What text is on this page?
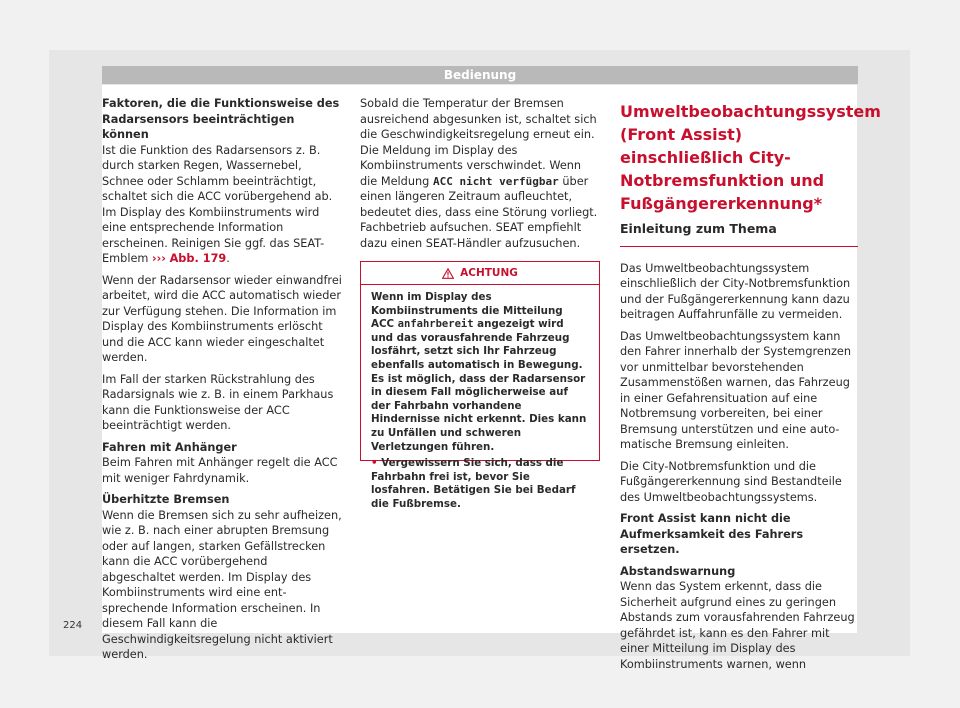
Bedienung
Faktoren, die die Funktionsweise des Radarsensors beeinträchtigen können

Ist die Funktion des Radarsensors z. B. durch starken Regen, Wassernebel, Schnee oder Schlamm beeinträchtigt, schaltet sich die ACC vorübergehend ab. Im Display des Kombiinstruments wird eine entsprechende Information erscheinen. Reinigen Sie ggf. das SEAT-Emblem ››› Abb. 179.

Wenn der Radarsensor wieder einwandfrei arbeitet, wird die ACC automatisch wieder zur Verfügung stehen. Die Information im Display des Kombiinstruments erlöscht und die ACC kann wieder eingeschaltet werden.

Im Fall der starken Rückstrahlung des Radarsignals wie z. B. in einem Parkhaus kann die Funktionsweise der ACC beeinträchtigt werden.

Fahren mit Anhänger

Beim Fahren mit Anhänger regelt die ACC mit weniger Fahrdynamik.

Überhitzte Bremsen

Wenn die Bremsen sich zu sehr aufheizen, wie z. B. nach einer abrupten Bremsung oder auf langen, starken Gefällstrecken kann die ACC vorübergehend abgeschaltet werden. Im Display des Kombiinstruments wird eine entsprechende Information erscheinen. In diesem Fall kann die Geschwindigkeitsregelung nicht aktiviert werden.

Sobald die Temperatur der Bremsen ausreichend abgesunken ist, schaltet sich die Geschwindigkeitsregelung erneut ein. Die Meldung im Display des Kombiinstruments verschwindet. Wenn die Meldung ACC nicht verfügbar über einen längeren Zeitraum aufleuchtet, bedeutet dies, dass eine Störung vorliegt. Fachbetrieb aufsuchen. SEAT empfiehlt dazu einen SEAT-Händler aufzusuchen.

ACHTUNG

Wenn im Display des Kombiinstruments die Mitteilung ACC anfahrbereit angezeigt wird und das vorausfahrende Fahrzeug losfährt, setzt sich Ihr Fahrzeug ebenfalls automatisch in Bewegung. Es ist möglich, dass der Radarsensor in diesem Fall möglicherweise auf der Fahrbahn vorhandene Hindernisse nicht erkennt. Dies kann zu Unfällen und schweren Verletzungen führen.

• Vergewissern Sie sich, dass die Fahrbahn frei ist, bevor Sie losfahren. Betätigen Sie bei Bedarf die Fußbremse.

Umweltbeobachtungssystem (Front Assist) einschließlich City-Notbremsfunktion und Fußgängererkennung*
Einleitung zum Thema

Das Umweltbeobachtungssystem einschließlich der City-Notbremsfunktion und der Fußgängererkennung kann dazu beitragen Auffahrunfälle zu vermeiden.

Das Umweltbeobachtungssystem kann den Fahrer innerhalb der Systemgrenzen vor unmittelbar bevorstehenden Zusammenstößen warnen, das Fahrzeug in einer Gefahrensituation auf eine Notbremsung vorbereiten, bei einer Bremsung unterstützen und eine automatische Bremsung einleiten.

Die City-Notbremsfunktion und die Fußgängererkennung sind Bestandteile des Umweltbeobachtungssystems.

Front Assist kann nicht die Aufmerksamkeit des Fahrers ersetzen.

Abstandswarnung

Wenn das System erkennt, dass die Sicherheit aufgrund eines zu geringen Abstands zum vorausfahrenden Fahrzeug gefährdet ist, kann es den Fahrer mit einer Mitteilung im Display des Kombiinstruments warnen, wenn

224
